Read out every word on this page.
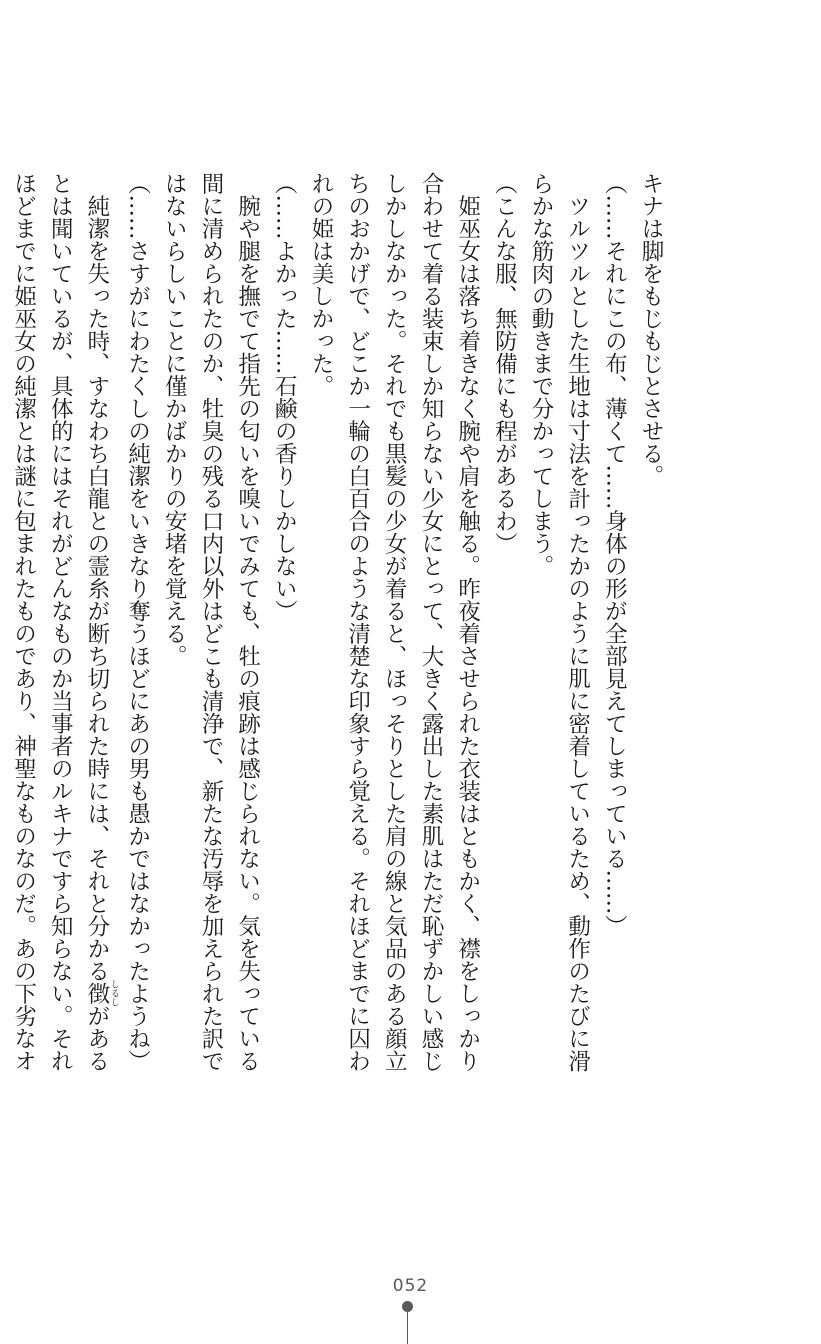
キナは脚をもじもじとさせる。
（……それにこの布、薄くて……身体の形が全部見えてしまっている……）
　ツルツルとした生地は寸法を計ったかのように肌に密着しているため、動作のたびに滑
らかな筋肉の動きまで分かってしまう。
（こんな服、無防備にも程があるわ）
　姫巫女は落ち着きなく腕や肩を触る。昨夜着させられた衣装はともかく、襟をしっかり
合わせて着る装束しか知らない少女にとって、大きく露出した素肌はただ恥ずかしい感じ
しかしなかった。それでも黒髪の少女が着ると、ほっそりとした肩の線と気品のある顔立
ちのおかげで、どこか一輪の白百合のような清楚な印象すら覚える。それほどまでに囚わ
れの姫は美しかった。
（……よかった……石鹸の香りしかしない）
　腕や腿を撫でて指先の匂いを嗅いでみても、牡の痕跡は感じられない。気を失っている
間に清められたのか、牡臭の残る口内以外はどこも清浄で、新たな汚辱を加えられた訳で
はないらしいことに僅かばかりの安堵を覚える。
（……さすがにわたくしの純潔をいきなり奪うほどにあの男も愚かではなかったようね）
　純潔を失った時、すなわち白龍との霊糸が断ち切られた時には、それと分かる徴 しるしがある
とは聞いているが、具体的にはそれがどんなものか当事者のルキナですら知らない。それ
ほどまでに姫巫女の純潔とは謎に包まれたものであり、神聖なものなのだ。あの下劣なオ
052
